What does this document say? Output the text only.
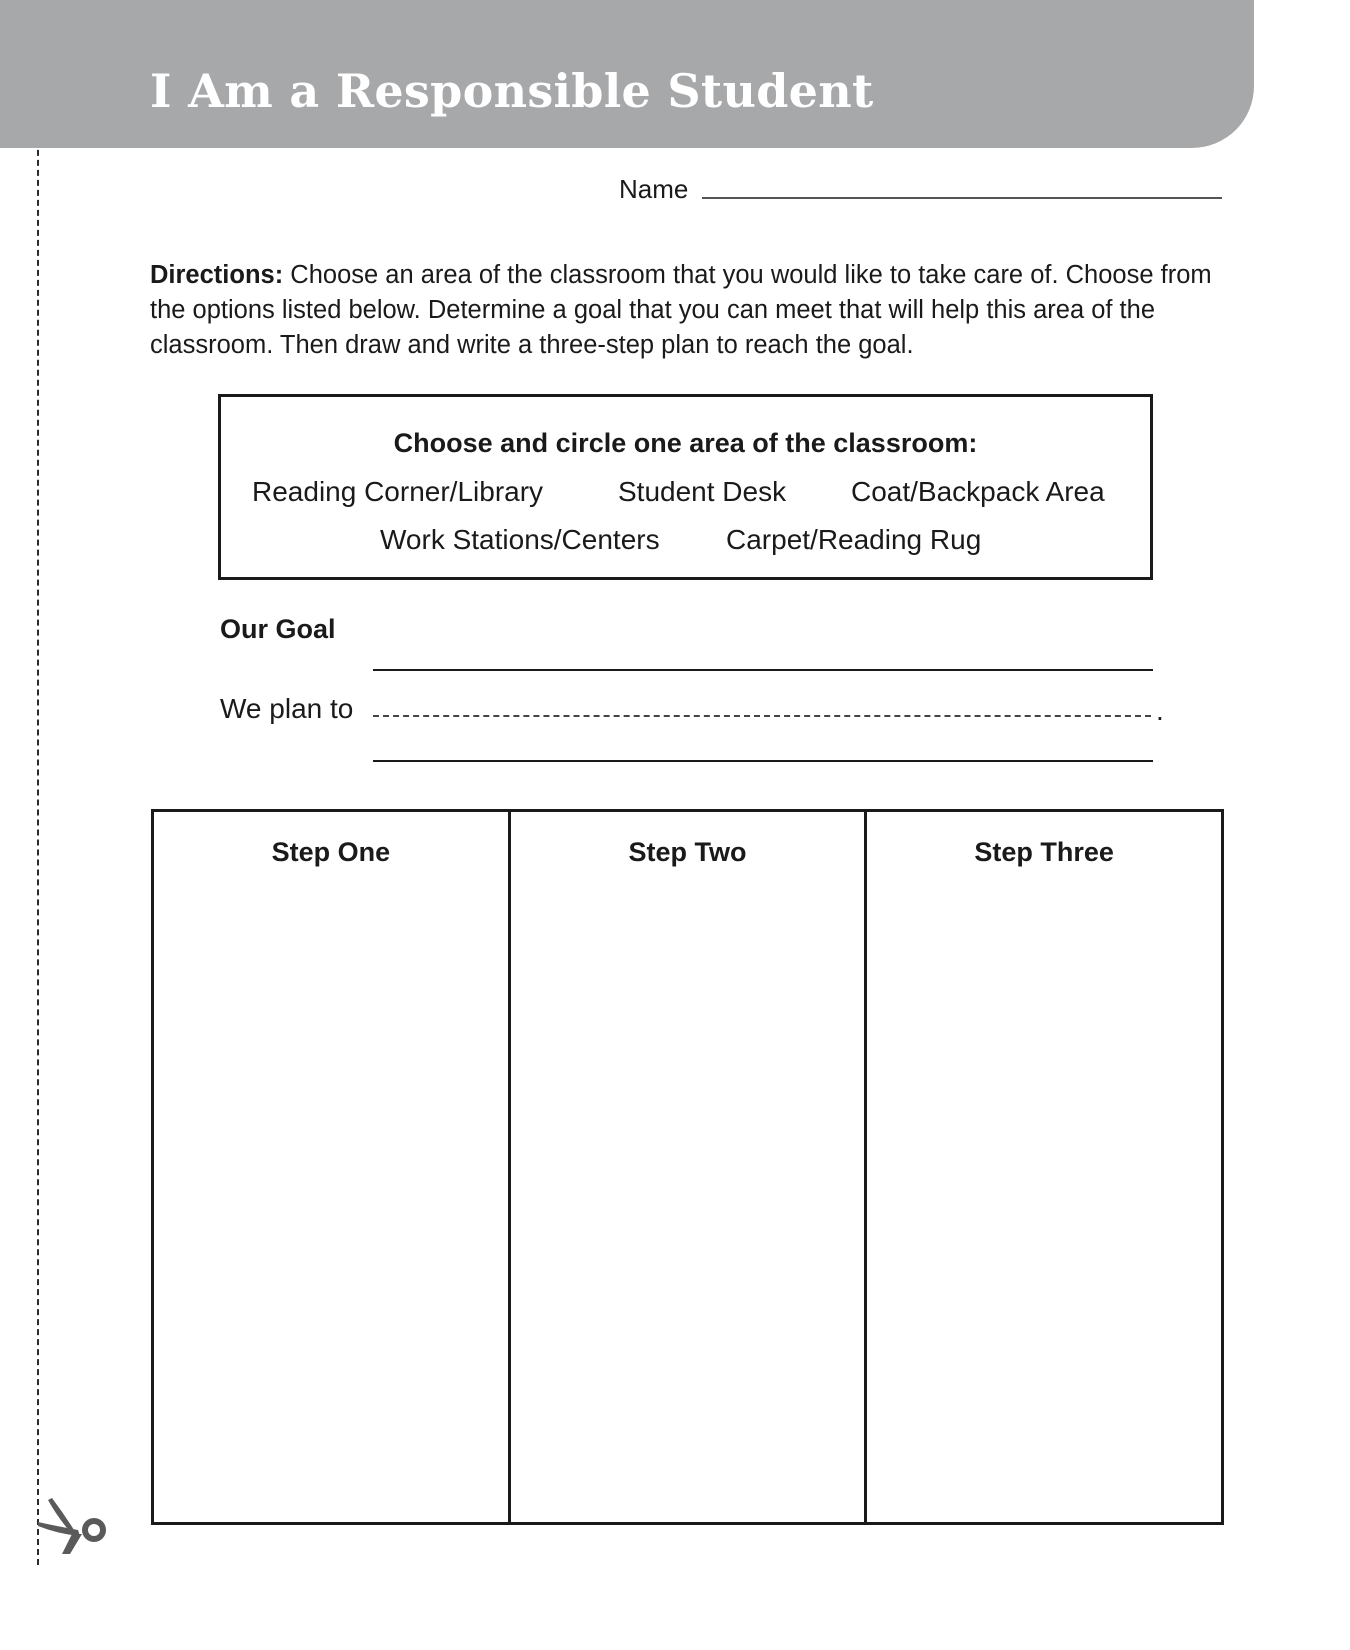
I Am a Responsible Student
Name

Directions: Choose an area of the classroom that you would like to take care of. Choose from the options listed below. Determine a goal that you can meet that will help this area of the classroom. Then draw and write a three-step plan to reach the goal.

Choose and circle one area of the classroom:
Reading Corner/Library	Student Desk Coat/Backpack Area
Work Stations/Centers Carpet/Reading Rug
Our Goal
We plan to	.
Step One	Step Two	Step Three
